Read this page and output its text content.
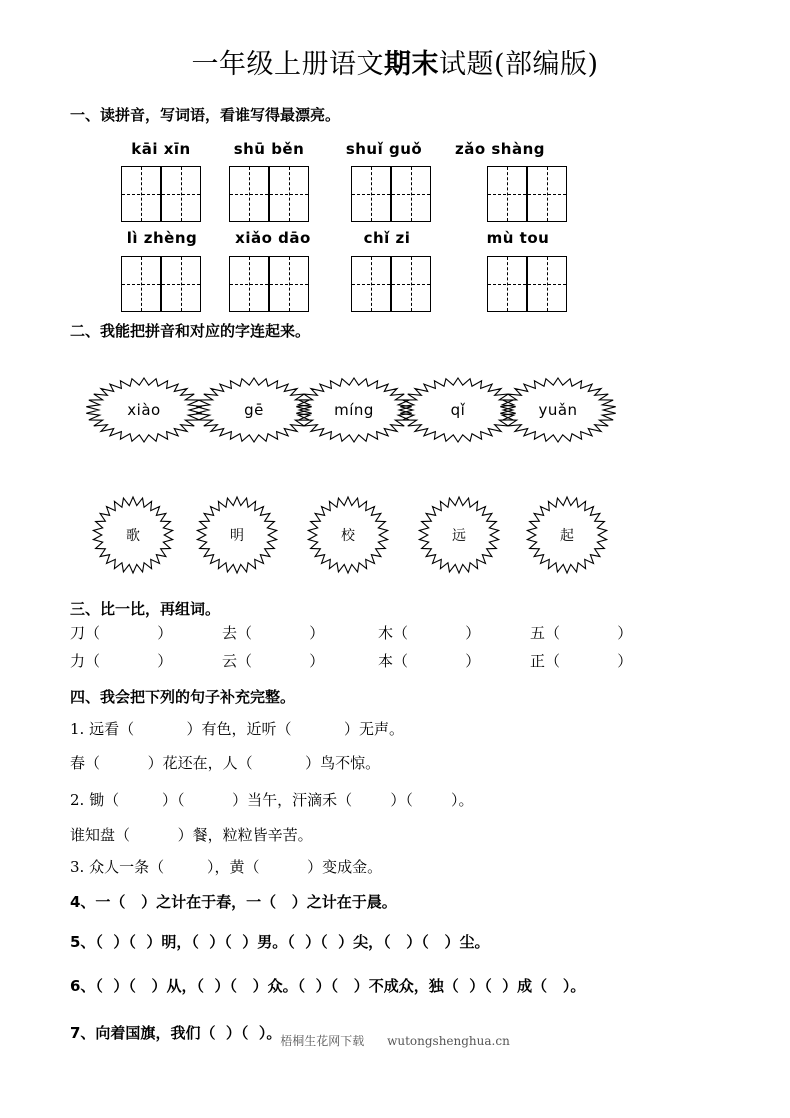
一年级上册语文期末试题(部编版)
一、读拼音，写词语，看谁写得最漂亮。
kāi xīn	shū běn	shuǐ guǒ	zǎo shàng
lì zhèng	xiǎo dāo	chǐ zi	mù tou
二、我能把拼音和对应的字连起来。
xiào	gē	míng	qǐ	yuǎn
歌	明	校	远	起
三、比一比，再组词。
刀（            ）	去（            ）	木（            ）	五（            ）
力（            ）	云（            ）	本（            ）	正（            ）
四、我会把下列的句子补充完整。
1. 远看（           ）有色，近听（           ）无声。
春（          ）花还在，人（           ）鸟不惊。
2. 锄（         ）（          ）当午，汗滴禾（        ）（        ）。
谁知盘（          ）餐，粒粒皆辛苦。
3. 众人一条（         ），黄（          ）变成金。
4、一（   ）之计在于春，一（   ）之计在于晨。
5、（  ）（  ）明，（  ）（  ）男。（  ）（  ）尖，（   ）（   ）尘。
6、（  ）（   ）从，（  ）（   ）众。（  ）（   ）不成众，独（  ）（  ）成（   ）。
7、向着国旗，我们（  ）（  ）。
梧桐生花网下载      wutongshenghua.cn
